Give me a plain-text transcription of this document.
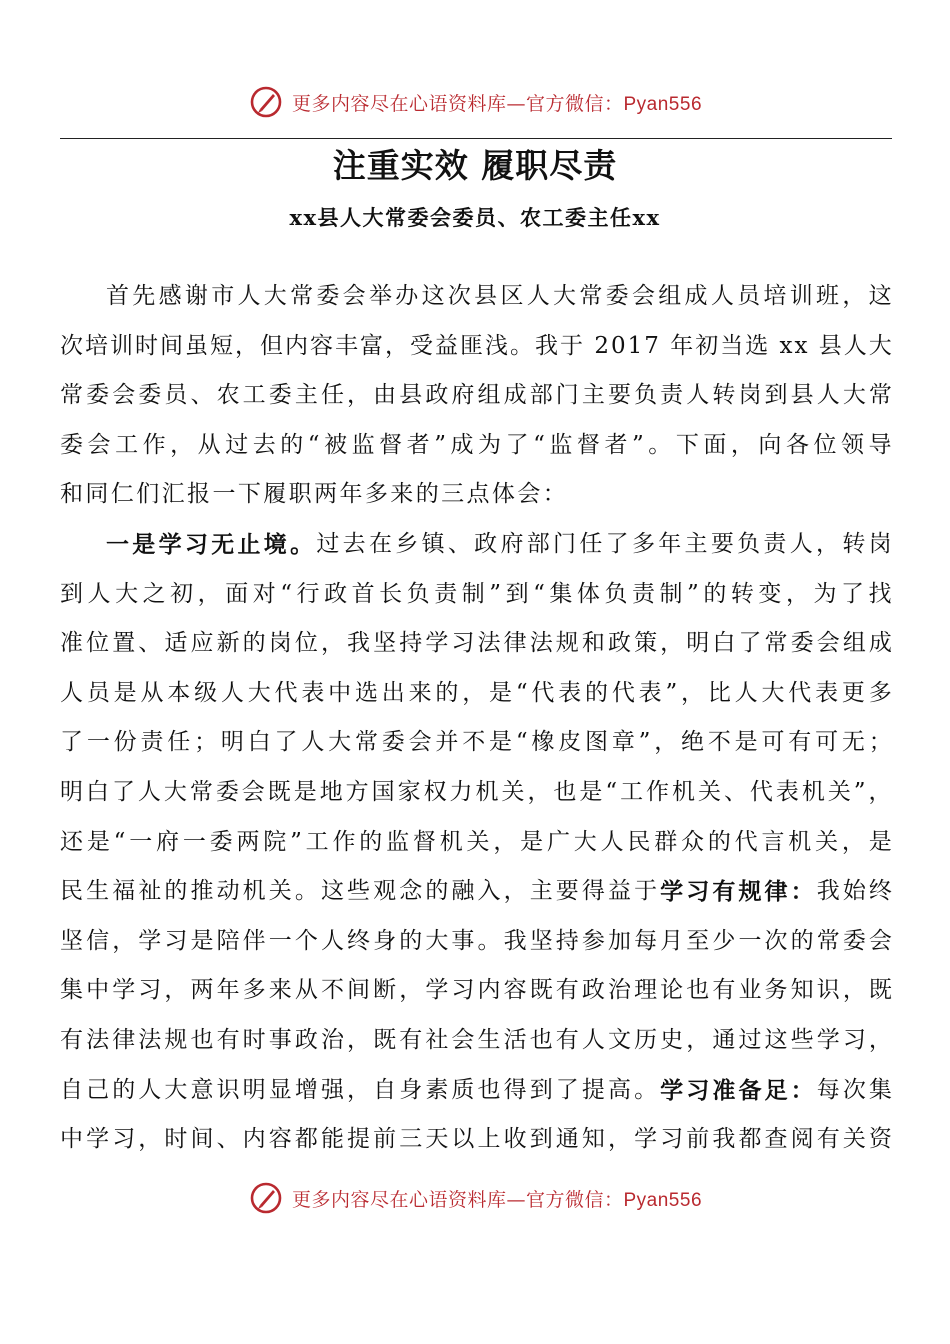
更多内容尽在心语资料库—官方微信：Pyan556
注重实效 履职尽责
xx县人大常委会委员、农工委主任xx
首 先 感 谢 市 人 大 常 委 会 举 办 这 次 县 区 人 大 常 委 会 组 成 人 员 培 训 班 ， 这
次 培 训 时 间 虽 短 ， 但 内 容 丰 富 ， 受 益 匪 浅 。 我 于
2 0 1 7
年 初 当 选
x x
县 人 大
常 委 会 委 员 、 农 工 委 主 任 ， 由 县 政 府 组 成 部 门 主 要 负 责 人 转 岗 到 县 人 大 常
委 会 工 作 ， 从 过 去 的 “ 被 监 督 者 ” 成 为 了 “ 监 督 者 ” 。 下 面 ， 向 各 位 领 导
和 同 仁 们 汇 报 一 下 履 职 两 年 多 来 的 三 点 体 会 ：
一 是 学 习 无 止 境 。 过 去 在 乡 镇 、 政 府 部 门 任 了 多 年 主 要 负 责 人 ， 转 岗
到 人 大 之 初 ， 面 对 “ 行 政 首 长 负 责 制 ” 到 “ 集 体 负 责 制 ” 的 转 变 ， 为 了 找
准 位 置 、 适 应 新 的 岗 位 ， 我 坚 持 学 习 法 律 法 规 和 政 策 ， 明 白 了 常 委 会 组 成
人 员 是 从 本 级 人 大 代 表 中 选 出 来 的 ， 是 “ 代 表 的 代 表 ” ， 比 人 大 代 表 更 多
了 一 份 责 任 ； 明 白 了 人 大 常 委 会 并 不 是 “ 橡 皮 图 章 ” ， 绝 不 是 可 有 可 无 ；
明 白 了 人 大 常 委 会 既 是 地 方 国 家 权 力 机 关 ， 也 是 “ 工 作 机 关 、 代 表 机 关 ” ，
还 是 “ 一 府 一 委 两 院 ” 工 作 的 监 督 机 关 ， 是 广 大 人 民 群 众 的 代 言 机 关 ， 是
民 生 福 祉 的 推 动 机 关 。 这 些 观 念 的 融 入 ， 主 要 得 益 于 学 习 有 规 律 ： 我 始 终
坚 信 ， 学 习 是 陪 伴 一 个 人 终 身 的 大 事 。 我 坚 持 参 加 每 月 至 少 一 次 的 常 委 会
集 中 学 习 ， 两 年 多 来 从 不 间 断 ， 学 习 内 容 既 有 政 治 理 论 也 有 业 务 知 识 ， 既
有 法 律 法 规 也 有 时 事 政 治 ， 既 有 社 会 生 活 也 有 人 文 历 史 ， 通 过 这 些 学 习 ，
自 己 的 人 大 意 识 明 显 增 强 ， 自 身 素 质 也 得 到 了 提 高 。 学 习 准 备 足 ： 每 次 集
中 学 习 ， 时 间 、 内 容 都 能 提 前 三 天 以 上 收 到 通 知 ， 学 习 前 我 都 查 阅 有 关 资
更多内容尽在心语资料库—官方微信：Pyan556
